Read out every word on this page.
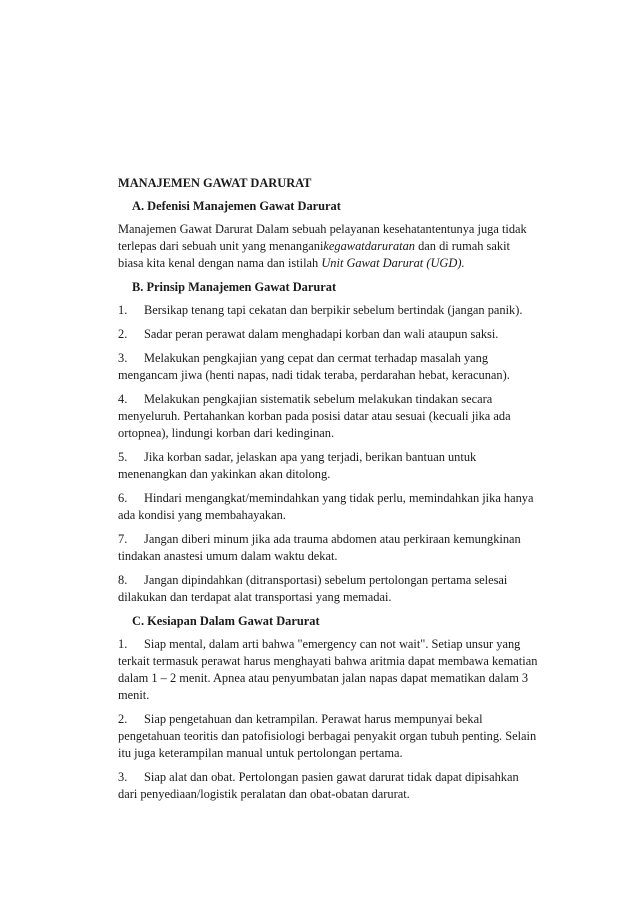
MANAJEMEN GAWAT DARURAT
A. Defenisi Manajemen Gawat Darurat

Manajemen Gawat Darurat Dalam sebuah pelayanan kesehatantentunya juga tidak terlepas dari sebuah unit yang menanganikegawatdaruratan dan di rumah sakit biasa kita kenal dengan nama dan istilah Unit Gawat Darurat (UGD).

B. Prinsip Manajemen Gawat Darurat

1. Bersikap tenang tapi cekatan dan berpikir sebelum bertindak (jangan panik).

2. Sadar peran perawat dalam menghadapi korban dan wali ataupun saksi.

3. Melakukan pengkajian yang cepat dan cermat terhadap masalah yang mengancam jiwa (henti napas, nadi tidak teraba, perdarahan hebat, keracunan).

4. Melakukan pengkajian sistematik sebelum melakukan tindakan secara menyeluruh. Pertahankan korban pada posisi datar atau sesuai (kecuali jika ada ortopnea), lindungi korban dari kedinginan.

5. Jika korban sadar, jelaskan apa yang terjadi, berikan bantuan untuk menenangkan dan yakinkan akan ditolong.

6. Hindari mengangkat/memindahkan yang tidak perlu, memindahkan jika hanya ada kondisi yang membahayakan.

7. Jangan diberi minum jika ada trauma abdomen atau perkiraan kemungkinan tindakan anastesi umum dalam waktu dekat.

8. Jangan dipindahkan (ditransportasi) sebelum pertolongan pertama selesai dilakukan dan terdapat alat transportasi yang memadai.

C. Kesiapan Dalam Gawat Darurat

1. Siap mental, dalam arti bahwa "emergency can not wait". Setiap unsur yang terkait termasuk perawat harus menghayati bahwa aritmia dapat membawa kematian dalam 1 – 2 menit. Apnea atau penyumbatan jalan napas dapat mematikan dalam 3 menit.

2. Siap pengetahuan dan ketrampilan. Perawat harus mempunyai bekal pengetahuan teoritis dan patofisiologi berbagai penyakit organ tubuh penting. Selain itu juga keterampilan manual untuk pertolongan pertama.

3. Siap alat dan obat. Pertolongan pasien gawat darurat tidak dapat dipisahkan dari penyediaan/logistik peralatan dan obat-obatan darurat.
